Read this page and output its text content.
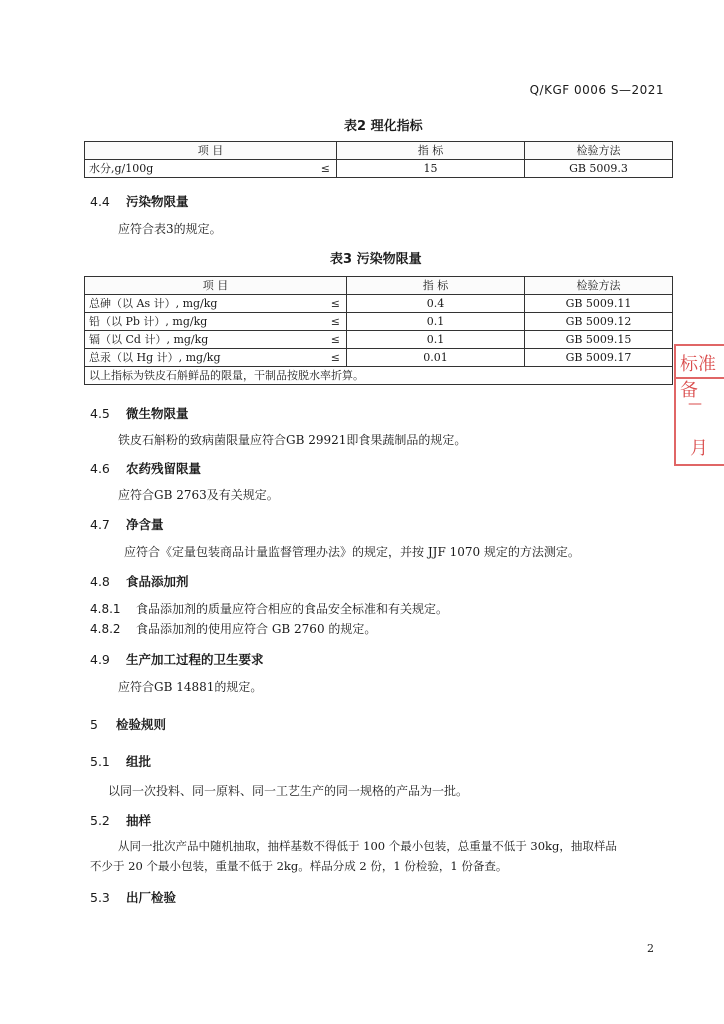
Q/KGF 0006 S—2021
表2 理化指标
项 目	指 标	检验方法
水分,g/100g ≤	15	GB 5009.3
4.4 污染物限量
应符合表3的规定。
表3 污染物限量
项 目	指 标	检验方法
总砷（以 As 计）, mg/kg ≤	0.4	GB 5009.11
铅（以 Pb 计）, mg/kg ≤	0.1	GB 5009.12
镉（以 Cd 计）, mg/kg ≤	0.1	GB 5009.15
总汞（以 Hg 计）, mg/kg ≤	0.01	GB 5009.17
以上指标为铁皮石斛鲜品的限量，干制品按脱水率折算。		
4.5 微生物限量
铁皮石斛粉的致病菌限量应符合GB 29921即食果蔬制品的规定。
4.6 农药残留限量
应符合GB 2763及有关规定。
4.7 净含量
应符合《定量包装商品计量监督管理办法》的规定，并按 JJF 1070 规定的方法测定。
4.8 食品添加剂
4.8.1 食品添加剂的质量应符合相应的食品安全标准和有关规定。
4.8.2 食品添加剂的使用应符合 GB 2760 的规定。
4.9 生产加工过程的卫生要求
应符合GB 14881的规定。
5 检验规则
5.1 组批
以同一次投料、同一原料、同一工艺生产的同一规格的产品为一批。
5.2 抽样
从同一批次产品中随机抽取，抽样基数不得低于 100 个最小包装，总重量不低于 30kg，抽取样品
不少于 20 个最小包装，重量不低于 2kg。样品分成 2 份，1 份检验，1 份备查。
5.3 出厂检验
标准备
—
月
2
